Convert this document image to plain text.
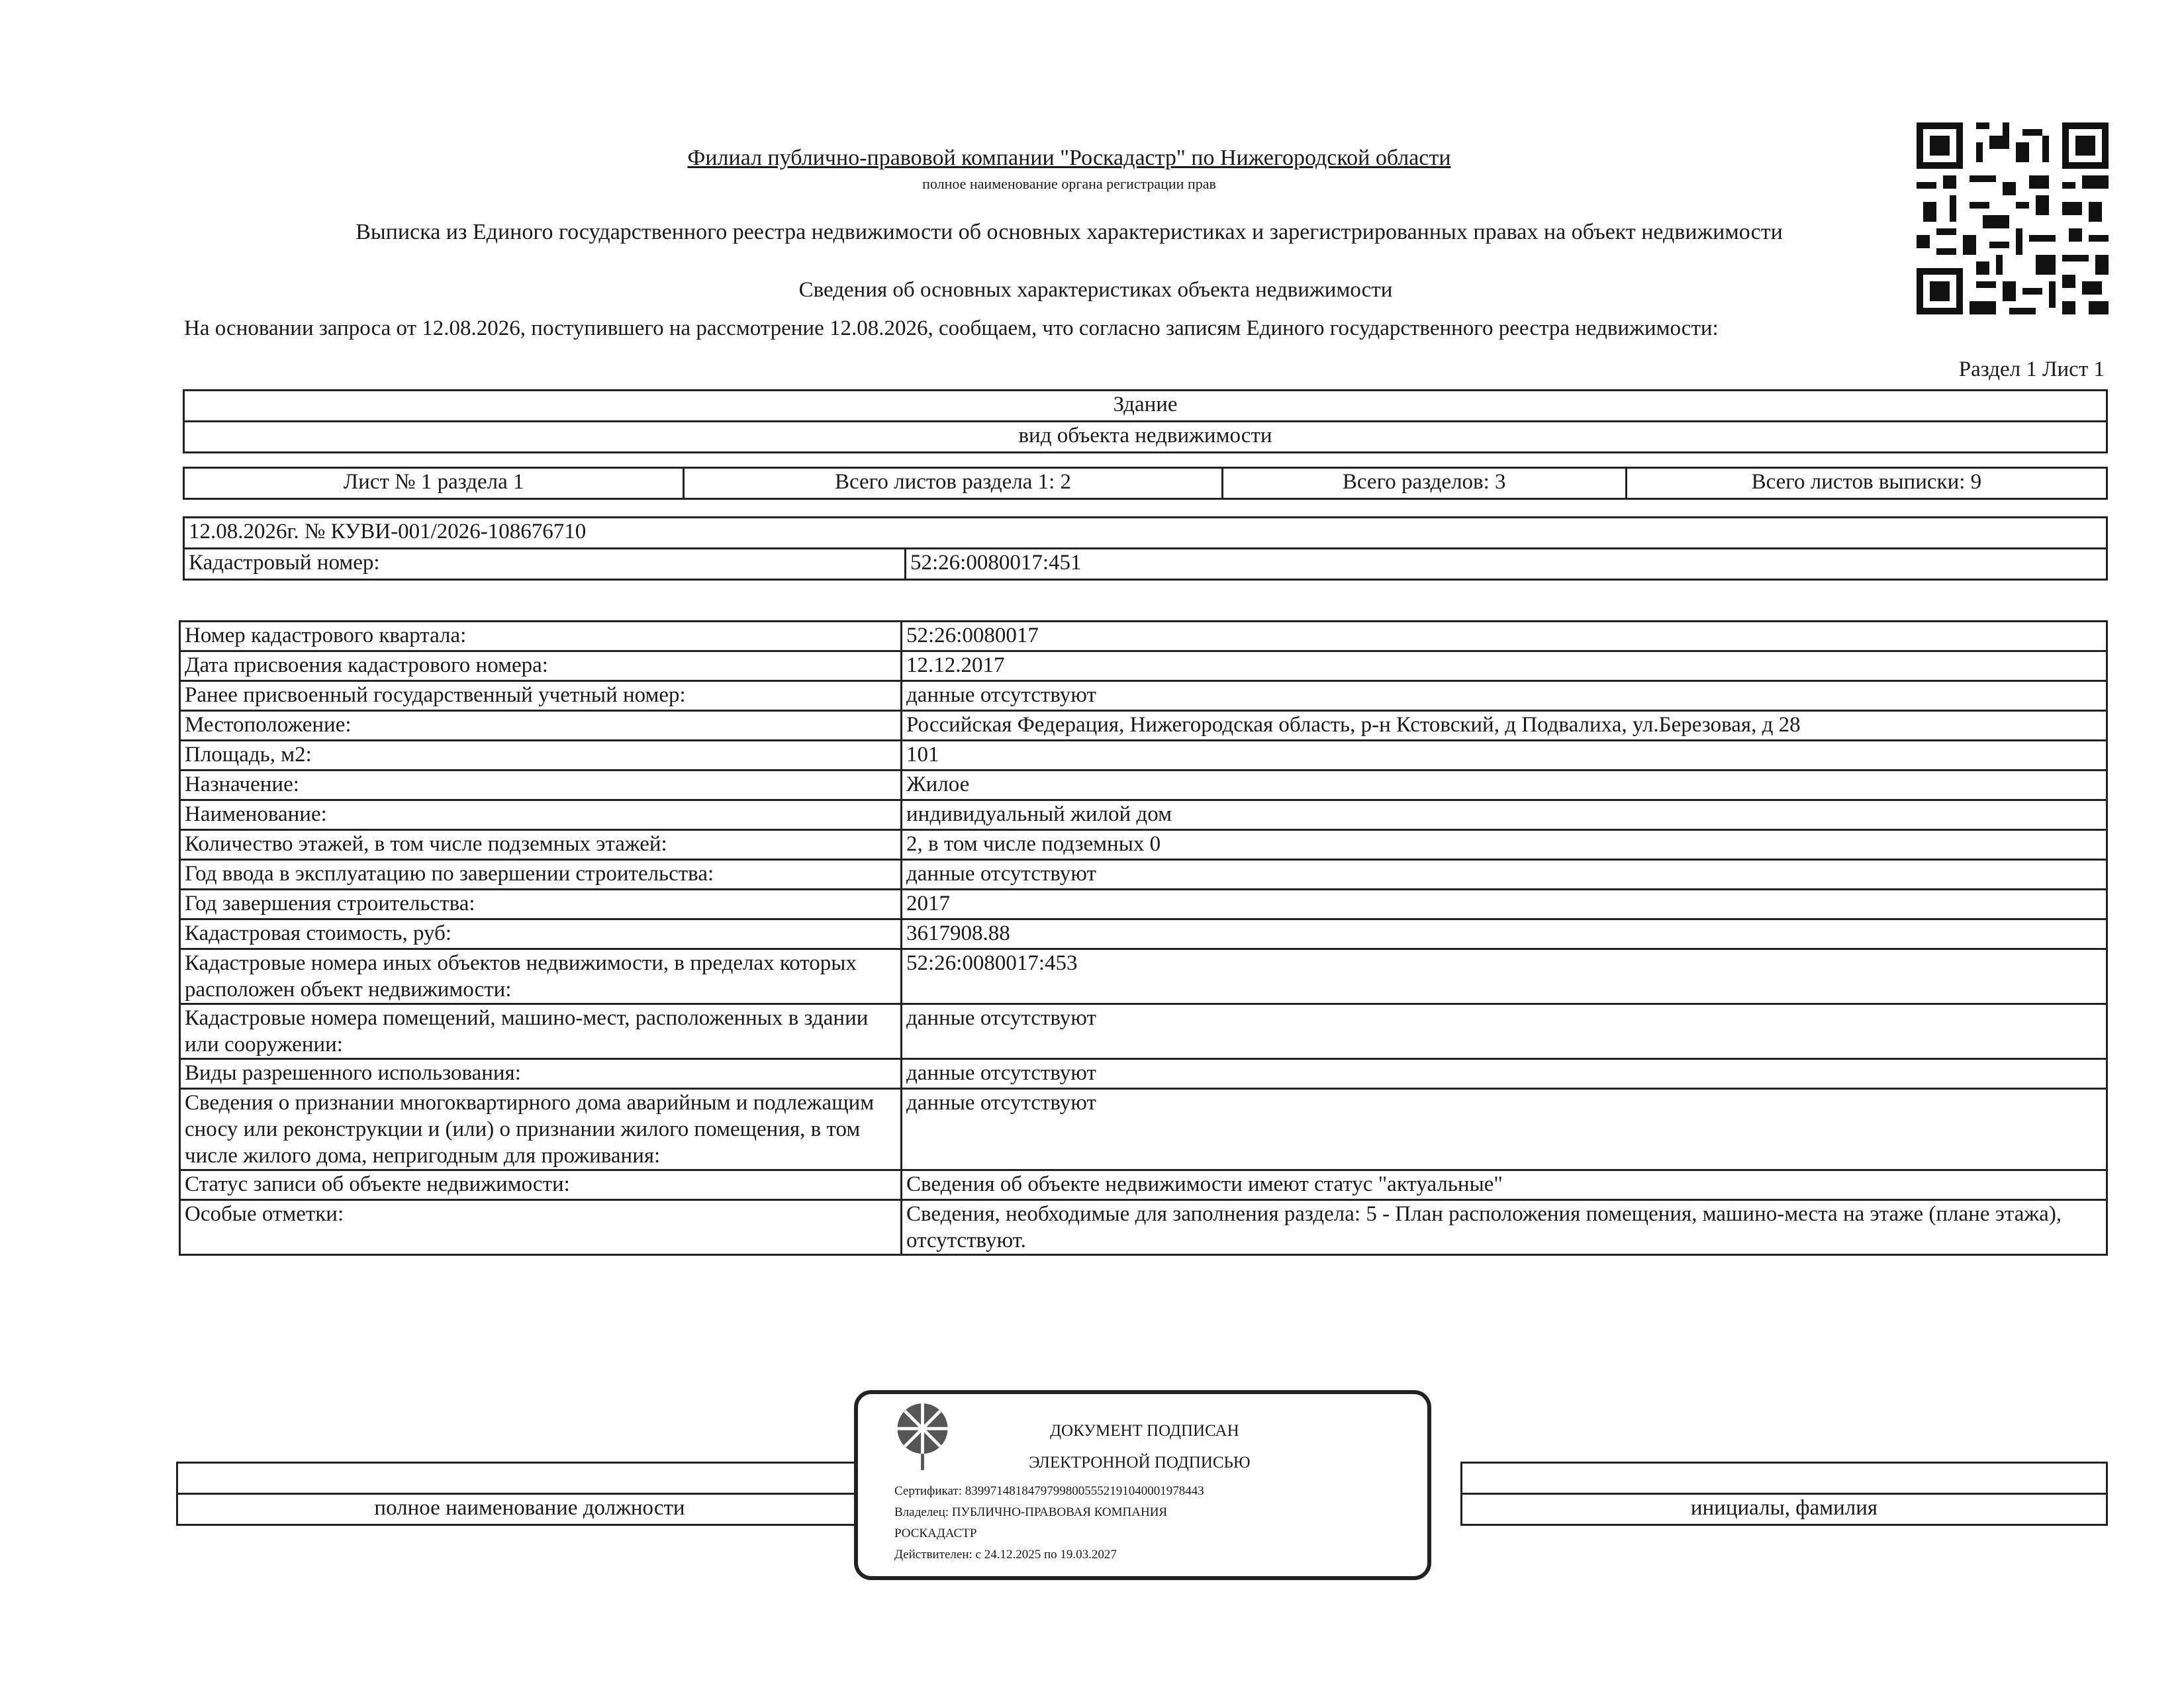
Филиал публично-правовой компании "Роскадастр" по Нижегородской области
полное наименование органа регистрации прав
Выписка из Единого государственного реестра недвижимости об основных характеристиках и зарегистрированных правах на объект недвижимости
Сведения об основных характеристиках объекта недвижимости
На основании запроса от 12.08.2026, поступившего на рассмотрение 12.08.2026, сообщаем, что согласно записям Единого государственного реестра недвижимости:
Раздел 1 Лист 1
Здание
вид объекта недвижимости
Лист № 1 раздела 1	Всего листов раздела 1: 2	Всего разделов: 3	Всего листов выписки: 9
12.08.2026г. № КУВИ-001/2026-108676710
Кадастровый номер:	52:26:0080017:451
Номер кадастрового квартала:	52:26:0080017
Дата присвоения кадастрового номера:	12.12.2017
Ранее присвоенный государственный учетный номер:	данные отсутствуют
Местоположение:	Российская Федерация, Нижегородская область, р-н Кстовский, д Подвалиха, ул.Березовая, д 28
Площадь, м2:	101
Назначение:	Жилое
Наименование:	индивидуальный жилой дом
Количество этажей, в том числе подземных этажей:	2, в том числе подземных 0
Год ввода в эксплуатацию по завершении строительства:	данные отсутствуют
Год завершения строительства:	2017
Кадастровая стоимость, руб:	3617908.88
Кадастровые номера иных объектов недвижимости, в пределах которых расположен объект недвижимости:	52:26:0080017:453
Кадастровые номера помещений, машино-мест, расположенных в здании или сооружении:	данные отсутствуют
Виды разрешенного использования:	данные отсутствуют
Сведения о признании многоквартирного дома аварийным и подлежащим сносу или реконструкции и (или) о признании жилого помещения, в том числе жилого дома, непригодным для проживания:	данные отсутствуют
Статус записи об объекте недвижимости:	Сведения об объекте недвижимости имеют статус "актуальные"
Особые отметки:	Сведения, необходимые для заполнения раздела: 5 - План расположения помещения, машино-места на этаже (плане этажа), отсутствуют.

полное наименование должности		инициалы, фамилия
ДОКУМЕНТ ПОДПИСАН
ЭЛЕКТРОННОЙ ПОДПИСЬЮ
Сертификат: 8399714818479799800555219104000197844З
Владелец: ПУБЛИЧНО-ПРАВОВАЯ КОМПАНИЯ
РОСКАДАСТР
Действителен: с 24.12.2025 по 19.03.2027
